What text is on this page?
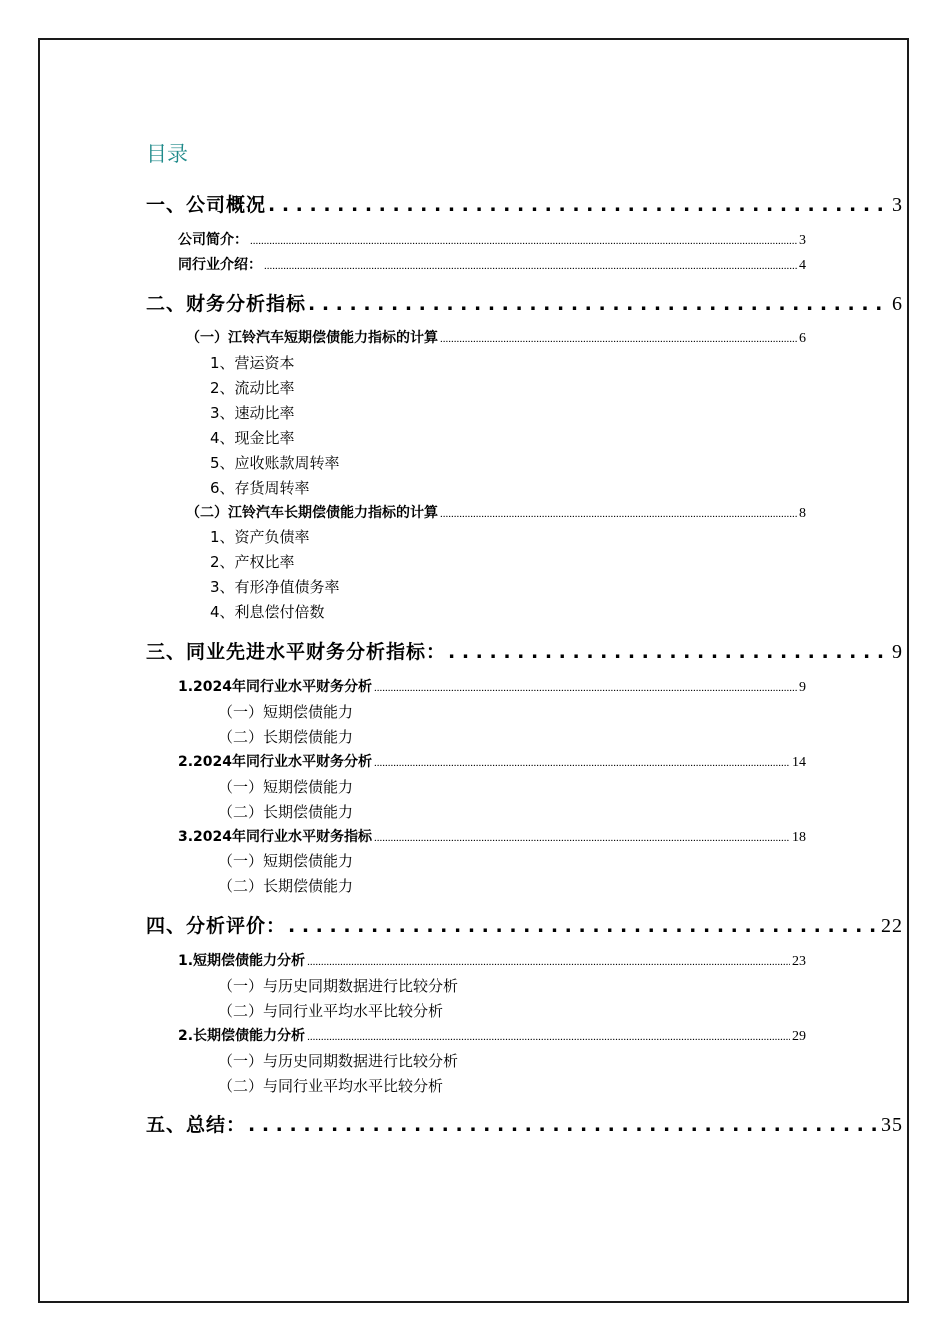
目录
一、公司概况 . . .	3
公司简介： .....	3
同行业介绍： .....	4
二、财务分析指标 . . .	6
（一）江铃汽车短期偿债能力指标的计算 .....	6
1、营运资本
2、流动比率
3、速动比率
4、现金比率
5、应收账款周转率
6、存货周转率
（二）江铃汽车长期偿债能力指标的计算 .....	8
1、资产负债率
2、产权比率
3、有形净值债务率
4、利息偿付倍数
三、同业先进水平财务分析指标： . . .	9
1.2024年同行业水平财务分析 .....	9
（一）短期偿债能力
（二）长期偿债能力
2.2024年同行业水平财务分析 .....	14
（一）短期偿债能力
（二）长期偿债能力
3.2024年同行业水平财务指标 .....	18
（一）短期偿债能力
（二）长期偿债能力
四、分析评价： . . .	22
1.短期偿债能力分析 .....	23
（一）与历史同期数据进行比较分析
（二）与同行业平均水平比较分析
2.长期偿债能力分析 .....	29
（一）与历史同期数据进行比较分析
（二）与同行业平均水平比较分析
五、总结： . . .	35
